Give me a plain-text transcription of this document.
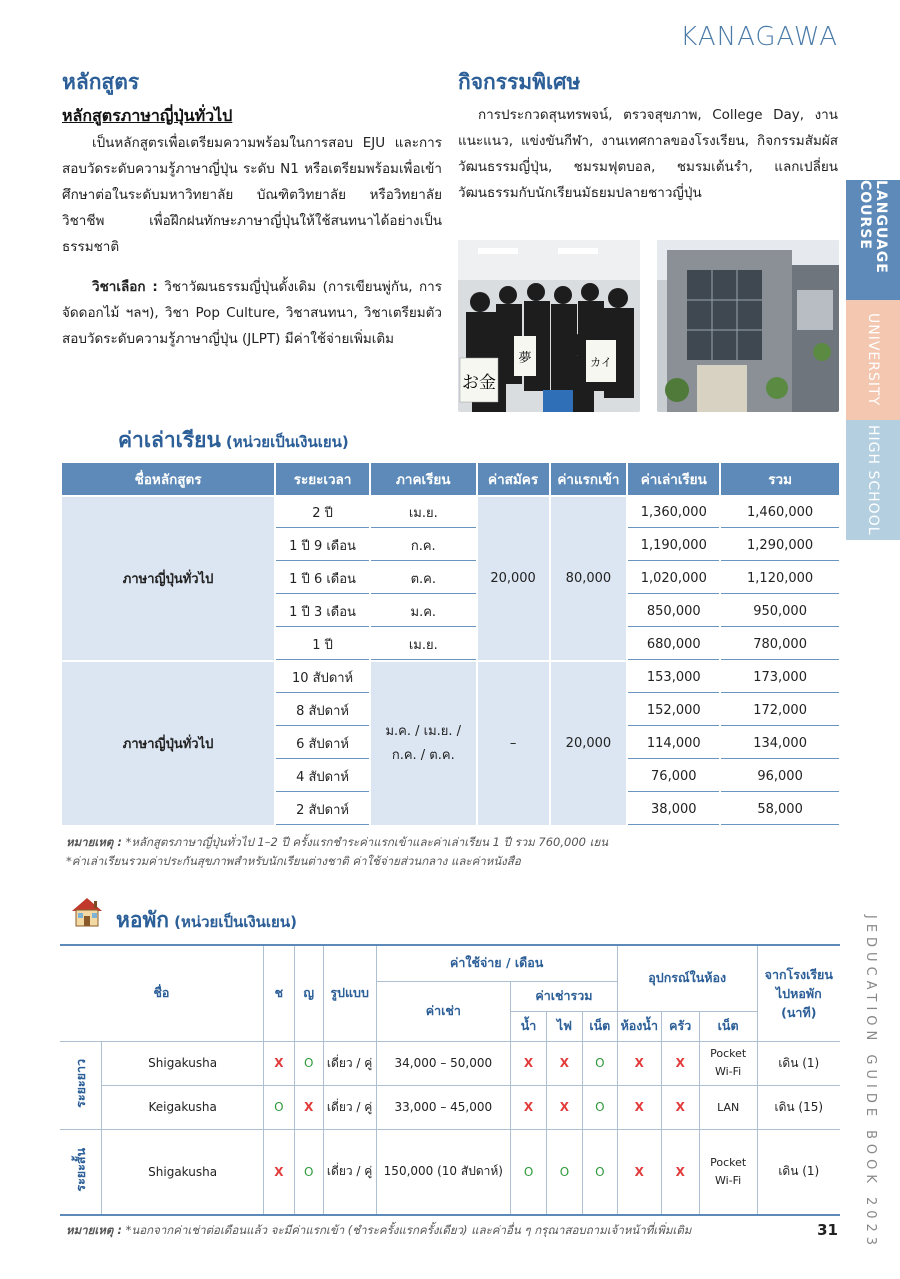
KANAGAWA
หลักสูตร
หลักสูตรภาษาญี่ปุ่นทั่วไป
เป็นหลักสูตรเพื่อเตรียมความพร้อมในการสอบ EJU และการสอบวัดระดับความรู้ภาษาญี่ปุ่น ระดับ N1 หรือเตรียมพร้อมเพื่อเข้าศึกษาต่อในระดับมหาวิทยาลัย บัณฑิตวิทยาลัย หรือวิทยาลัยวิชาชีพ เพื่อฝึกฝนทักษะภาษาญี่ปุ่นให้ใช้สนทนาได้อย่างเป็นธรรมชาติ
วิชาเลือก : วิชาวัฒนธรรมญี่ปุ่นดั้งเดิม (การเขียนพู่กัน, การจัดดอกไม้ ฯลฯ), วิชา Pop Culture, วิชาสนทนา, วิชาเตรียมตัวสอบวัดระดับความรู้ภาษาญี่ปุ่น (JLPT) มีค่าใช้จ่ายเพิ่มเติม
กิจกรรมพิเศษ
การประกวดสุนทรพจน์, ตรวจสุขภาพ, College Day, งานแนะแนว, แข่งขันกีฬา, งานเทศกาลของโรงเรียน, กิจกรรมสัมผัสวัฒนธรรมญี่ปุ่น, ชมรมฟุตบอล, ชมรมเต้นรำ, แลกเปลี่ยนวัฒนธรรมกับนักเรียนมัธยมปลายชาวญี่ปุ่น
お金
夢	カイ
LANGUAGE COURSE
UNIVERSITY
HIGH SCHOOL
JEDUCATION GUIDE BOOK 2023
ค่าเล่าเรียน (หน่วยเป็นเงินเยน)
ชื่อหลักสูตร	ระยะเวลา	ภาคเรียน	ค่าสมัคร	ค่าแรกเข้า	ค่าเล่าเรียน	รวม
ภาษาญี่ปุ่นทั่วไป	2 ปี	เม.ย.	20,000	80,000	1,360,000	1,460,000
	1 ปี 9 เดือน	ก.ค.			1,190,000	1,290,000
	1 ปี 6 เดือน	ต.ค.			1,020,000	1,120,000
	1 ปี 3 เดือน	ม.ค.			850,000	950,000
	1 ปี	เม.ย.			680,000	780,000
ภาษาญี่ปุ่นทั่วไป	10 สัปดาห์	ม.ค. / เม.ย. / ก.ค. / ต.ค.	–	20,000	153,000	173,000
	8 สัปดาห์				152,000	172,000
	6 สัปดาห์				114,000	134,000
	4 สัปดาห์				76,000	96,000
	2 สัปดาห์				38,000	58,000
หมายเหตุ : *หลักสูตรภาษาญี่ปุ่นทั่วไป 1–2 ปี ครั้งแรกชำระค่าแรกเข้าและค่าเล่าเรียน 1 ปี รวม 760,000 เยน
*ค่าเล่าเรียนรวมค่าประกันสุขภาพสำหรับนักเรียนต่างชาติ ค่าใช้จ่ายส่วนกลาง และค่าหนังสือ
หอพัก (หน่วยเป็นเงินเยน)
ชื่อ		ช	ญ	รูปแบบ	ค่าใช้จ่าย / เดือน				อุปกรณ์ในห้อง			จากโรงเรียนไปหอพัก (นาที)
					ค่าเช่า	ค่าเช่ารวม						
						น้ำ	ไฟ	เน็ต	ห้องน้ำ	ครัว	เน็ต	
ระยะยาว	Shigakusha	X	O	เดี่ยว / คู่	34,000 – 50,000	X	X	O	X	X	Pocket Wi-Fi	เดิน (1)
	Keigakusha	O	X	เดี่ยว / คู่	33,000 – 45,000	X	X	O	X	X	LAN	เดิน (15)
ระยะสั้น	Shigakusha	X	O	เดี่ยว / คู่	150,000 (10 สัปดาห์)	O	O	O	X	X	Pocket Wi-Fi	เดิน (1)
หมายเหตุ : *นอกจากค่าเช่าต่อเดือนแล้ว จะมีค่าแรกเข้า (ชำระครั้งแรกครั้งเดียว) และค่าอื่น ๆ กรุณาสอบถามเจ้าหน้าที่เพิ่มเติม	31
